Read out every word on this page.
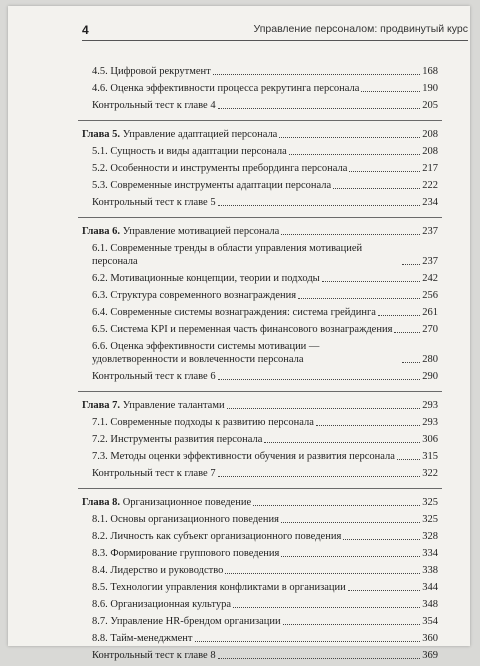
4	Управление персоналом: продвинутый курс
4.5. Цифровой рекрутмент	168
4.6. Оценка эффективности процесса рекрутинга персонала	190
Контрольный тест к главе 4	205
Глава 5. Управление адаптацией персонала	208
5.1. Сущность и виды адаптации персонала	208
5.2. Особенности и инструменты пребординга персонала	217
5.3. Современные инструменты адаптации персонала	222
Контрольный тест к главе 5	234
Глава 6. Управление мотивацией персонала	237
6.1. Современные тренды в области управления мотивацией персонала	237
6.2. Мотивационные концепции, теории и подходы	242
6.3. Структура современного вознаграждения	256
6.4. Современные системы вознаграждения: система грейдинга	261
6.5. Система KPI и переменная часть финансового вознаграждения	270
6.6. Оценка эффективности системы мотивации — удовлетворенности и вовлеченности персонала	280
Контрольный тест к главе 6	290
Глава 7. Управление талантами	293
7.1. Современные подходы к развитию персонала	293
7.2. Инструменты развития персонала	306
7.3. Методы оценки эффективности обучения и развития персонала	315
Контрольный тест к главе 7	322
Глава 8. Организационное поведение	325
8.1. Основы организационного поведения	325
8.2. Личность как субъект организационного поведения	328
8.3. Формирование группового поведения	334
8.4. Лидерство и руководство	338
8.5. Технологии управления конфликтами в организации	344
8.6. Организационная культура	348
8.7. Управление HR-брендом организации	354
8.8. Тайм-менеджмент	360
Контрольный тест к главе 8	369
